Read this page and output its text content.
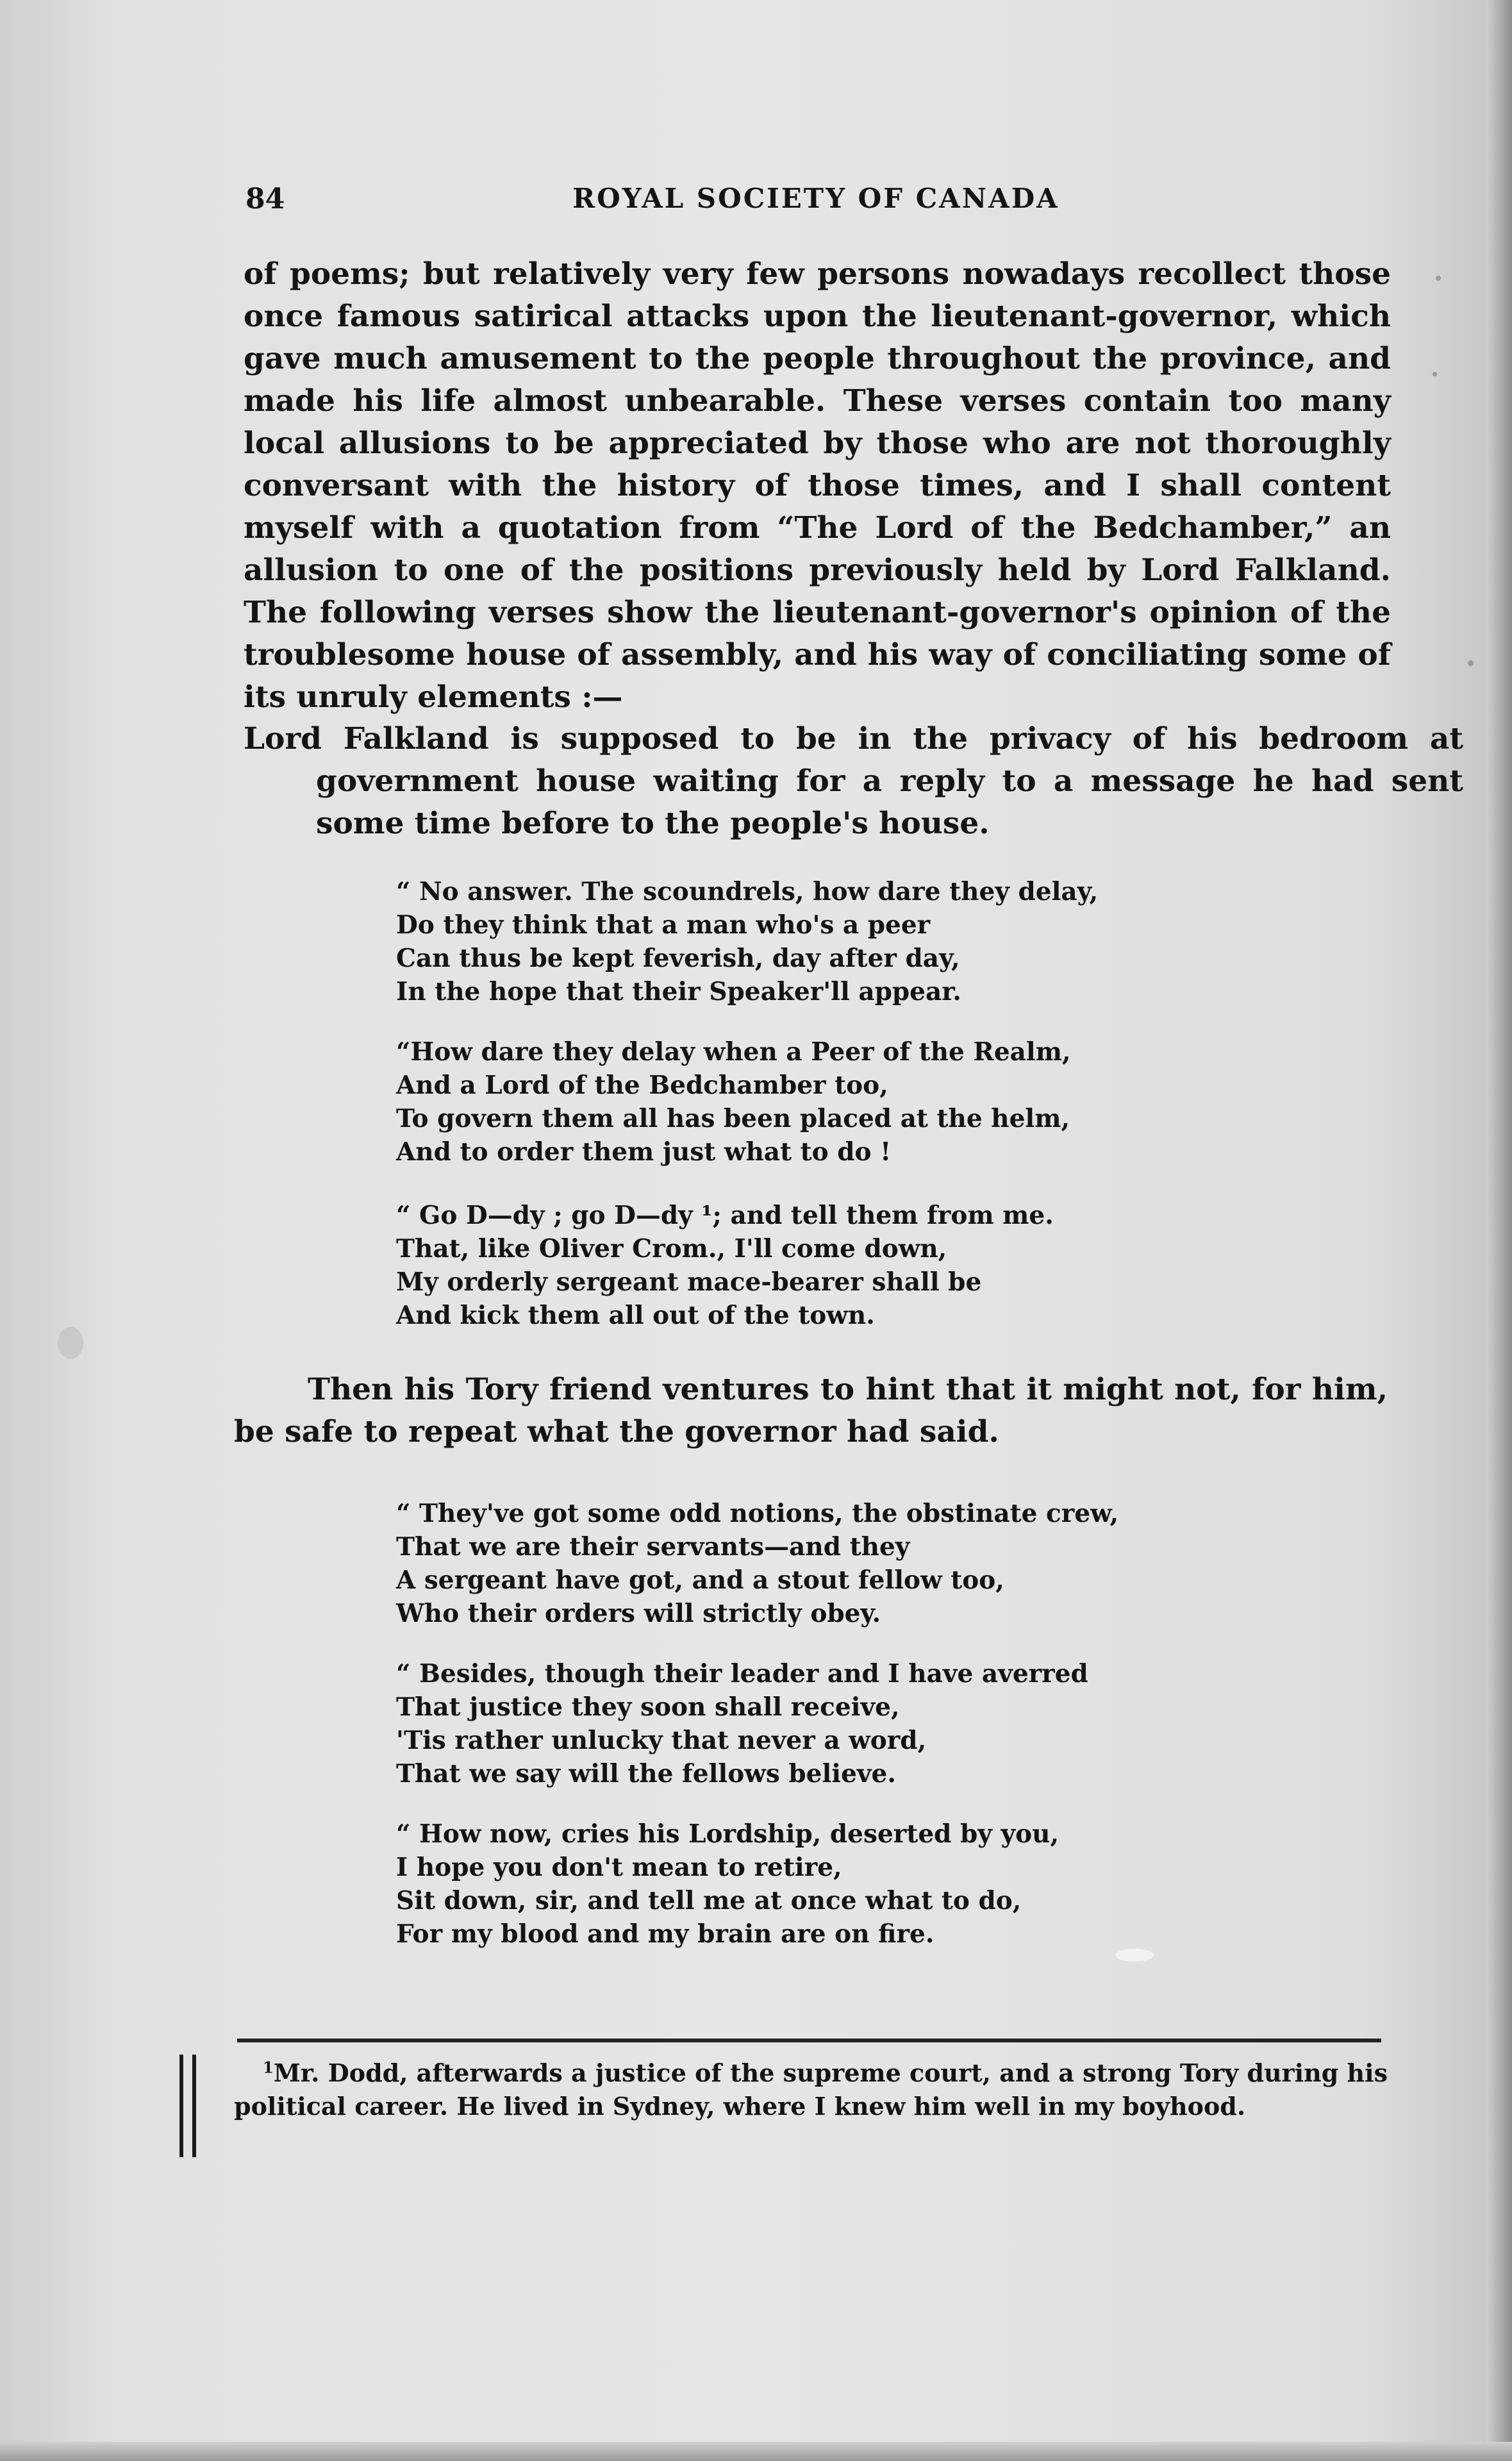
84	ROYAL SOCIETY OF CANADA

of poems; but relatively very few persons nowadays recollect those once famous satirical attacks upon the lieutenant-governor, which gave much amusement to the people throughout the province, and made his life almost unbearable. These verses contain too many local allusions to be appreciated by those who are not thoroughly conversant with the history of those times, and I shall content myself with a quotation from “The Lord of the Bedchamber,” an allusion to one of the positions previously held by Lord Falkland. The following verses show the lieutenant-governor's opinion of the troublesome house of assembly, and his way of conciliating some of its unruly elements :—

Lord Falkland is supposed to be in the privacy of his bedroom at government house waiting for a reply to a message he had sent some time before to the people's house.

“ No answer. The scoundrels, how dare they delay,
Do they think that a man who's a peer
Can thus be kept feverish, day after day,
In the hope that their Speaker'll appear.
“How dare they delay when a Peer of the Realm,
And a Lord of the Bedchamber too,
To govern them all has been placed at the helm,
And to order them just what to do !
“ Go D—dy ; go D—dy ¹; and tell them from me.
That, like Oliver Crom., I'll come down,
My orderly sergeant mace-bearer shall be
And kick them all out of the town.

Then his Tory friend ventures to hint that it might not, for him, be safe to repeat what the governor had said.

“ They've got some odd notions, the obstinate crew,
That we are their servants—and they
A sergeant have got, and a stout fellow too,
Who their orders will strictly obey.
“ Besides, though their leader and I have averred
That justice they soon shall receive,
'Tis rather unlucky that never a word,
That we say will the fellows believe.
“ How now, cries his Lordship, deserted by you,
I hope you don't mean to retire,
Sit down, sir, and tell me at once what to do,
For my blood and my brain are on fire.

$^1$Mr. Dodd, afterwards a justice of the supreme court, and a strong Tory during his political career. He lived in Sydney, where I knew him well in my boyhood.
